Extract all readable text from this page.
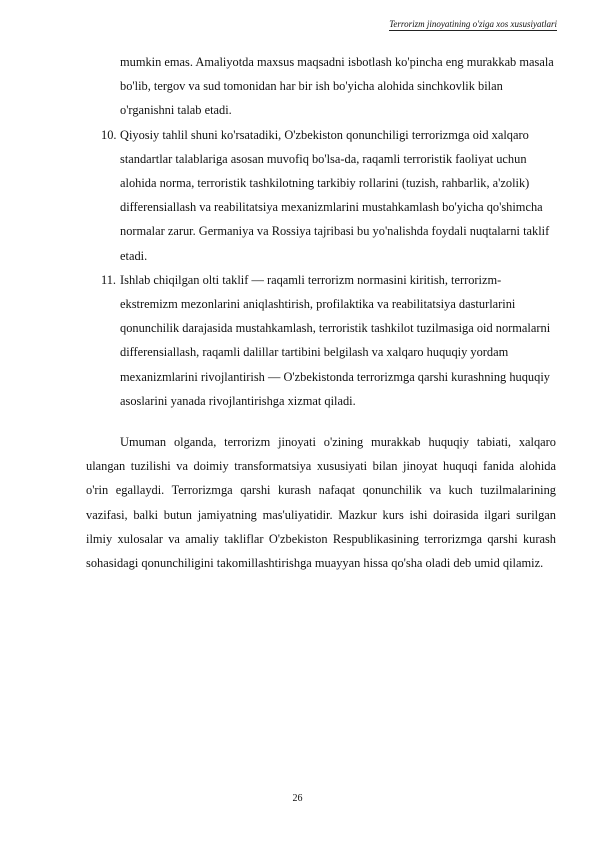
Terrorizm jinoyatining o'ziga xos xususiyatlari
mumkin emas. Amaliyotda maxsus maqsadni isbotlash ko'pincha eng murakkab masala bo'lib, tergov va sud tomonidan har bir ish bo'yicha alohida sinchkovlik bilan o'rganishni talab etadi.
10. Qiyosiy tahlil shuni ko'rsatadiki, O'zbekiston qonunchiligi terrorizmga oid xalqaro standartlar talablariga asosan muvofiq bo'lsa-da, raqamli terroristik faoliyat uchun alohida norma, terroristik tashkilotning tarkibiy rollarini (tuzish, rahbarlik, a'zolik) differensiallash va reabilitatsiya mexanizmlarini mustahkamlash bo'yicha qo'shimcha normalar zarur. Germaniya va Rossiya tajribasi bu yo'nalishda foydali nuqtalarni taklif etadi.
11. Ishlab chiqilgan olti taklif — raqamli terrorizm normasini kiritish, terrorizm-ekstremizm mezonlarini aniqlashtirish, profilaktika va reabilitatsiya dasturlarini qonunchilik darajasida mustahkamlash, terroristik tashkilot tuzilmasiga oid normalarni differensiallash, raqamli dalillar tartibini belgilash va xalqaro huquqiy yordam mexanizmlarini rivojlantirish — O'zbekistonda terrorizmga qarshi kurashning huquqiy asoslarini yanada rivojlantirishga xizmat qiladi.

Umuman olganda, terrorizm jinoyati o'zining murakkab huquqiy tabiati, xalqaro ulangan tuzilishi va doimiy transformatsiya xususiyati bilan jinoyat huquqi fanida alohida o'rin egallaydi. Terrorizmga qarshi kurash nafaqat qonunchilik va kuch tuzilmalarining vazifasi, balki butun jamiyatning mas'uliyatidir. Mazkur kurs ishi doirasida ilgari surilgan ilmiy xulosalar va amaliy takliflar O'zbekiston Respublikasining terrorizmga qarshi kurash sohasidagi qonunchiligini takomillashtirishga muayyan hissa qo'sha oladi deb umid qilamiz.

26
